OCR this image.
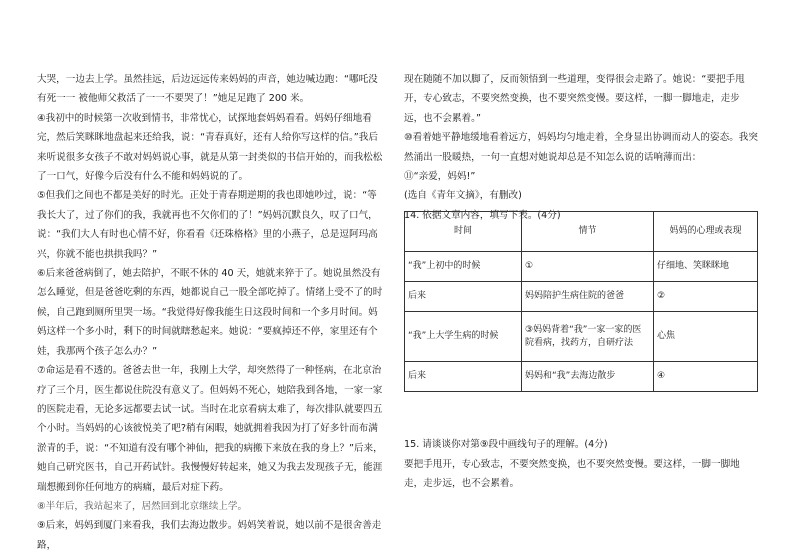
大哭，一边去上学。虽然挂远，后边远远传来妈妈的声音，她边喊边跑：“哪吒没有死一一 被他师父救活了一一不要哭了！”她足足跑了 200 米。

④我初中的时候第一次收到情书，非常忧心，试探地套妈妈看看。妈妈仔细地看完，然后笑眯眯地盘起来还给我，说：“青春真好，还有人给你写这样的信。”我后来听说很多女孩子不敢对妈妈说心事，就是从第一封类似的书信开始的，而我松松了一口气，好像今后没有什么不能和妈妈说的了。

⑤但我们之间也不都是美好的时光。正处于青春期逆期的我也即她吵过，说：“等我长大了，过了你们的我，我就再也不欠你们的了！”妈妈沉默良久，叹了口气，说：“我们大人有时也心情不好，你看看《还珠格格》里的小燕子，总是逗阿玛高兴，你就不能也拱拱我吗？”

⑥后来爸爸病倒了，她去陪护，不眠不休的 40 天，她就来猝于了。她说虽然没有怎么睡觉，但是爸爸吃剩的东西，她都说自己一股全部吃掉了。情绪上受不了的时候，自己跑到厕所里哭一场。“我觉得好像我能生日这段时间和一个多月时间。妈妈这样一个多小时，剩下的时间就瞎愁起来。她说：“要疯掉还不停，家里还有个娃，我那两个孩子怎么办？”

⑦命运是看不透的。爸爸去世一年，我刚上大学，却突然得了一种怪病，在北京治疗了三个月，医生都说住院没有意义了。但妈妈不死心，她陪我到各地，一家一家的医院走看，无论多远都要去试一试。当时在北京看病太难了，每次排队就要四五个小时。当妈妈的心该彼悦美了吧?稍有闲暇，她就拥着我因为打了好多针而布满淤青的手，说：“不知道有没有哪个神仙，把我的病搬下来放在我的身上？”后来，她自己研究医书，自己开药试针。我慢慢好转起来，她又为我去发现孩子无，能涯瑞想搬到你任何地方的病痛，最后对症下药。

⑧半年后，我站起来了，居然回到北京继续上学。

⑨后来，妈妈到厦门来看我，我们去海边散步。妈妈笑着说，她以前不是很舍善走路，

现在随随不加以脚了，反而领悟到一些道理，变得很会走路了。她说：“要把手甩开，专心致志，不要突然变换，也不要突然变慢。要这样，一脚一脚地走，走步远，也不会累着。”

⑩看着她平静地缓地看着远方，妈妈均匀地走着，全身显出协调而动人的姿态。我突然涌出一股暖热，一句一直想对她说却总是不知怎么说的话响薄而出：

⑪“亲爱，妈妈!”

(选自《青年文摘》，有删改)

14. 依据文章内容，填写下表。(4分)

时间	情节	妈妈的心理或表现
“我”上初中的时候	①	仔细地、笑眯眯地
后来	妈妈陪护生病住院的爸爸	②
“我”上大学生病的时候	③妈妈背着“我”一家一家的医院看病，找药方，自研疗法	心焦
后来	妈妈和“我”去海边散步	④

15. 请谈谈你对第⑨段中画线句子的理解。(4分)

要把手甩开，专心致志，不要突然变换，也不要突然变慢。要这样，一脚一脚地走，走步远，也不会累着。
